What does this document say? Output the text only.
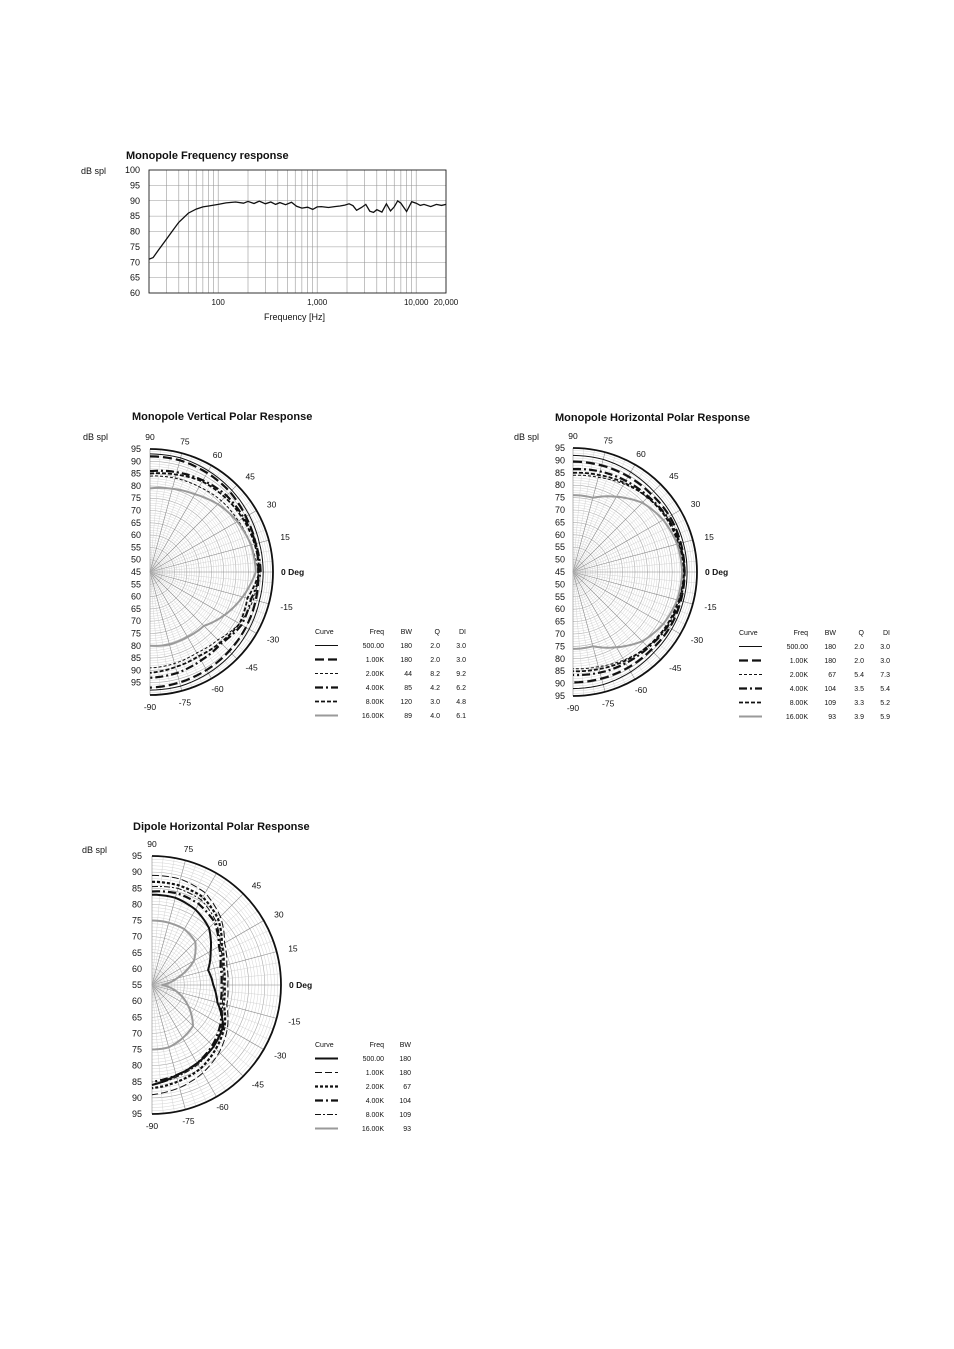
Monopole Frequency response
dB spl 100
95
90
85
80
75
70
65
60
100	1,000	10,000 20,000
Frequency [Hz]
Monopole Vertical Polar Response
dB spl
95
90
85
80
75
70
65
60
55
50
45
55
60
65
70
75
80
85
90
95
90	75
60
45
30
15
0 Deg
-15
-30
-45
-60
-75
-90
Curve	Freq BW	Q	DI
500.00 180	2.0 3.0
1.00K 180	2.0 3.0
2.00K	44	8.2 9.2
4.00K	85	4.2 6.2
8.00K 120	3.0 4.8
16.00K	89	4.0 6.1
Monopole Horizontal Polar Response
dB spl
95
90
85
80
75
70
65
60
55
50
45
50
55
60
65
70
75
80
85
90
95
90	75
60
45
30
15
0 Deg
-15
-30
-45
-60
-75
-90
Curve	Freq BW	Q	DI
500.00 180	2.0 3.0
1.00K 180	2.0 3.0
2.00K	67	5.4 7.3
4.00K 104	3.5 5.4
8.00K 109	3.3 5.2
16.00K	93	3.9 5.9
Dipole Horizontal Polar Response
dB spl
95
90
85
80
75
70
65
60
55
60
65
70
75
80
85
90
95
90	75
60
45
30
15
0 Deg
-15
-30
-45
-60
-75
-90
Curve	Freq BW
500.00 180
1.00K 180
2.00K	67
4.00K 104
8.00K 109
16.00K	93
